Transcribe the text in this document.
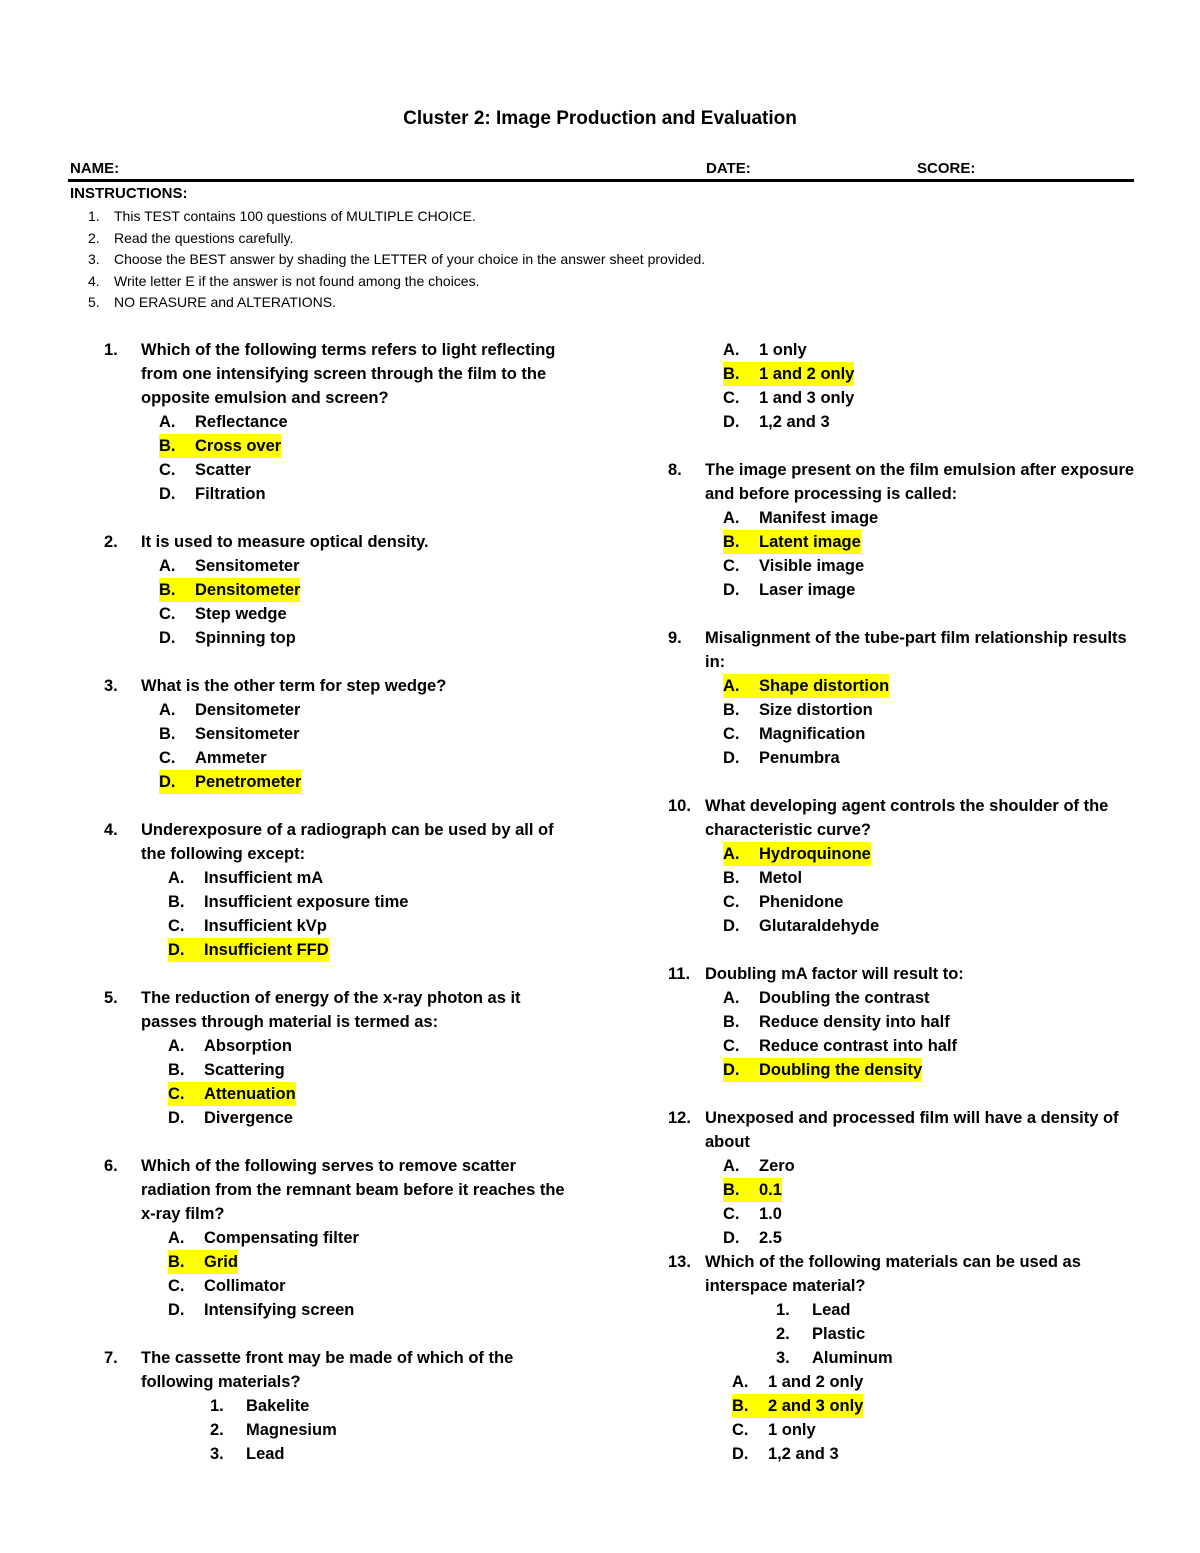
Cluster 2: Image Production and Evaluation
NAME:	DATE:	SCORE:
INSTRUCTIONS:
1. This TEST contains 100 questions of MULTIPLE CHOICE.
2. Read the questions carefully.
3. Choose the BEST answer by shading the LETTER of your choice in the answer sheet provided.
4. Write letter E if the answer is not found among the choices.
5. NO ERASURE and ALTERATIONS.
1.	Which of the following terms refers to light reflecting from one intensifying screen through the film to the opposite emulsion and screen?
A.	Reflectance
B.	Cross over
C.	Scatter
D.	Filtration
2.	It is used to measure optical density.
A.	Sensitometer
B.	Densitometer
C.	Step wedge
D.	Spinning top
3.	What is the other term for step wedge?
A.	Densitometer
B.	Sensitometer
C.	Ammeter
D.	Penetrometer
4.	Underexposure of a radiograph can be used by all of the following except:
A.	Insufficient mA
B.	Insufficient exposure time
C.	Insufficient kVp
D.	Insufficient FFD
5.	The reduction of energy of the x-ray photon as it passes through material is termed as:
A.	Absorption
B.	Scattering
C.	Attenuation
D.	Divergence
6.	Which of the following serves to remove scatter radiation from the remnant beam before it reaches the x-ray film?
A.	Compensating filter
B.	Grid
C.	Collimator
D.	Intensifying screen
7.	The cassette front may be made of which of the following materials?
1.	Bakelite
2.	Magnesium
3.	Lead
A.	1 only
B.	1 and 2 only
C.	1 and 3 only
D.	1,2 and 3
8.	The image present on the film emulsion after exposure and before processing is called:
A.	Manifest image
B.	Latent image
C.	Visible image
D.	Laser image
9.	Misalignment of the tube-part film relationship results in:
A.	Shape distortion
B.	Size distortion
C.	Magnification
D.	Penumbra
10. What developing agent controls the shoulder of the characteristic curve?
A.	Hydroquinone
B.	Metol
C.	Phenidone
D.	Glutaraldehyde
11. Doubling mA factor will result to:
A.	Doubling the contrast
B.	Reduce density into half
C.	Reduce contrast into half
D.	Doubling the density
12. Unexposed and processed film will have a density of about
A.	Zero
B.	0.1
C.	1.0
D.	2.5
13. Which of the following materials can be used as interspace material?
1.	Lead
2.	Plastic
3.	Aluminum
A.	1 and 2 only
B.	2 and 3 only
C.	1 only
D.	1,2 and 3
